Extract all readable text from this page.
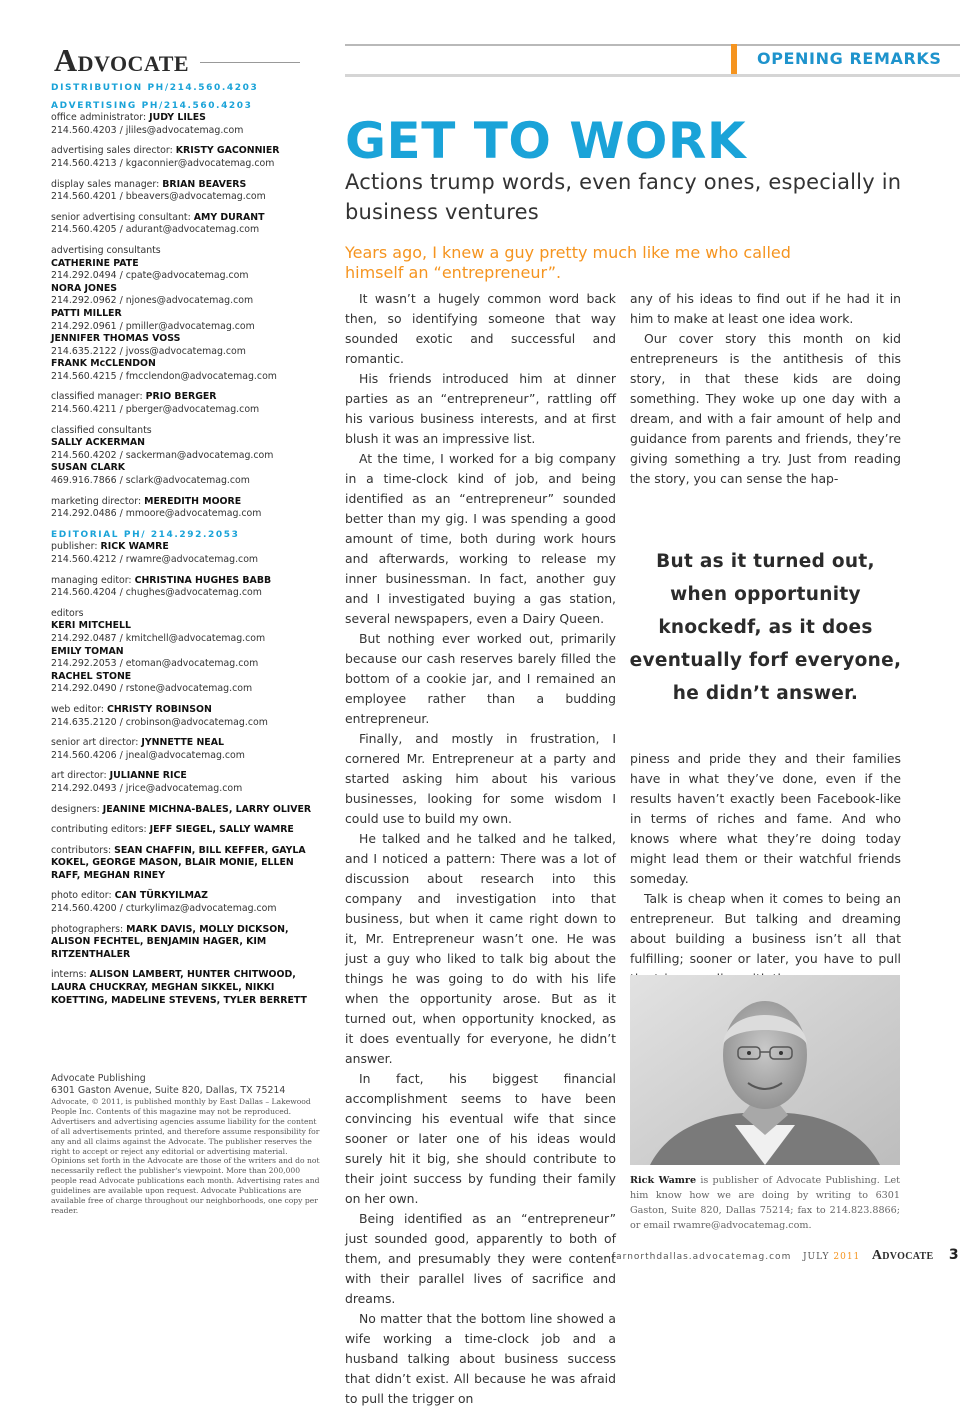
Advocate
DISTRIBUTION PH/214.560.4203
ADVERTISING PH/214.560.4203
office administrator: JUDY LILES
214.560.4203 / jliles@advocatemag.com
advertising sales director: KRISTY GACONNIER
214.560.4213 / kgaconnier@advocatemag.com
display sales manager: BRIAN BEAVERS
214.560.4201 / bbeavers@advocatemag.com
senior advertising consultant: AMY DURANT
214.560.4205 / adurant@advocatemag.com
advertising consultants
CATHERINE PATE
214.292.0494 / cpate@advocatemag.com
NORA JONES
214.292.0962 / njones@advocatemag.com
PATTI MILLER
214.292.0961 / pmiller@advocatemag.com
JENNIFER THOMAS VOSS
214.635.2122 / jvoss@advocatemag.com
FRANK McCLENDON
214.560.4215 / fmcclendon@advocatemag.com
classified manager: PRIO BERGER
214.560.4211 / pberger@advocatemag.com
classified consultants
SALLY ACKERMAN
214.560.4202 / sackerman@advocatemag.com
SUSAN CLARK
469.916.7866 / sclark@advocatemag.com
marketing director: MEREDITH MOORE
214.292.0486 / mmoore@advocatemag.com
EDITORIAL PH/ 214.292.2053
publisher: RICK WAMRE
214.560.4212 / rwamre@advocatemag.com
managing editor: CHRISTINA HUGHES BABB
214.560.4204 / chughes@advocatemag.com
editors
KERI MITCHELL
214.292.0487 / kmitchell@advocatemag.com
EMILY TOMAN
214.292.2053 / etoman@advocatemag.com
RACHEL STONE
214.292.0490 / rstone@advocatemag.com
web editor: CHRISTY ROBINSON
214.635.2120 / crobinson@advocatemag.com
senior art director: JYNNETTE NEAL
214.560.4206 / jneal@advocatemag.com
art director: JULIANNE RICE
214.292.0493 / jrice@advocatemag.com
designers: JEANINE MICHNA-BALES, LARRY OLIVER
contributing editors: JEFF SIEGEL, SALLY WAMRE
contributors: SEAN CHAFFIN, BILL KEFFER, GAYLA KOKEL, GEORGE MASON, BLAIR MONIE, ELLEN RAFF, MEGHAN RINEY
photo editor: CAN TÜRKYILMAZ
214.560.4200 / cturkylimaz@advocatemag.com
photographers: MARK DAVIS, MOLLY DICKSON, ALISON FECHTEL, BENJAMIN HAGER, KIM RITZENTHALER
interns: ALISON LAMBERT, HUNTER CHITWOOD, LAURA CHUCKRAY, MEGHAN SIKKEL, NIKKI KOETTING, MADELINE STEVENS, TYLER BERRETT
Advocate Publishing
6301 Gaston Avenue, Suite 820, Dallas, TX 75214
Advocate, © 2011, is published monthly by East Dallas – Lakewood People Inc. Contents of this magazine may not be reproduced. Advertisers and advertising agencies assume liability for the content of all advertisements printed, and therefore assume responsibility for any and all claims against the Advocate. The publisher reserves the right to accept or reject any editorial or advertising material. Opinions set forth in the Advocate are those of the writers and do not necessarily reflect the publisher's viewpoint. More than 200,000 people read Advocate publications each month. Advertising rates and guidelines are available upon request. Advocate Publications are available free of charge throughout our neighborhoods, one copy per reader.
OPENING REMARKS
GET TO WORK
Actions trump words, even fancy ones, especially in business ventures
Years ago, I knew a guy pretty much like me who called himself an “entrepreneur”.

It wasn’t a hugely common word back then, so identifying someone that way sounded exotic and successful and romantic.

His friends introduced him at dinner parties as an “entrepreneur”, rattling off his various business interests, and at first blush it was an impressive list.

At the time, I worked for a big company in a time-clock kind of job, and being identified as an “entrepreneur” sounded better than my gig. I was spending a good amount of time, both during work hours and afterwards, working to release my inner businessman. In fact, another guy and I investigated buying a gas station, several newspapers, even a Dairy Queen.

But nothing ever worked out, primarily because our cash reserves barely filled the bottom of a cookie jar, and I remained an employee rather than a budding entrepreneur.

Finally, and mostly in frustration, I cornered Mr. Entrepreneur at a party and started asking him about his various businesses, looking for some wisdom I could use to build my own.

He talked and he talked and he talked, and I noticed a pattern: There was a lot of discussion about research into this company and investigation into that business, but when it came right down to it, Mr. Entrepreneur wasn’t one. He was just a guy who liked to talk big about the things he was going to do with his life when the opportunity arose. But as it turned out, when opportunity knocked, as it does eventually for everyone, he didn’t answer.

In fact, his biggest financial accomplishment seems to have been convincing his eventual wife that since sooner or later one of his ideas would surely hit it big, she should contribute to their joint success by funding their family on her own.

Being identified as an “entrepreneur” just sounded good, apparently to both of them, and presumably they were content with their parallel lives of sacrifice and dreams.

No matter that the bottom line showed a wife working a time-clock job and a husband talking about business success that didn’t exist. All because he was afraid to pull the trigger on

any of his ideas to find out if he had it in him to make at least one idea work.

Our cover story this month on kid entrepreneurs is the antithesis of this story, in that these kids are doing something. They woke up one day with a dream, and with a fair amount of help and guidance from parents and friends, they’re giving something a try. Just from reading the story, you can sense the hap-

But as it turned out, when opportunity knockedf, as it does eventually forf everyone, he didn’t answer.

piness and pride they and their families have in what they’ve done, even if the results haven’t exactly been Facebook-like in terms of riches and fame. And who knows where what they’re doing today might lead them or their watchful friends someday.

Talk is cheap when it comes to being an entrepreneur. But talking and dreaming about building a business isn’t all that fulfilling; sooner or later, you have to pull

Rick Wamre is publisher of Advocate Publishing. Let him know how we are doing by writing to 6301 Gaston, Suite 820, Dallas 75214; fax to 214.823.8866; or email rwamre@advocatemag.com.
farnorthdallas.advocatemag.com JULY 2011 Advocate 3
